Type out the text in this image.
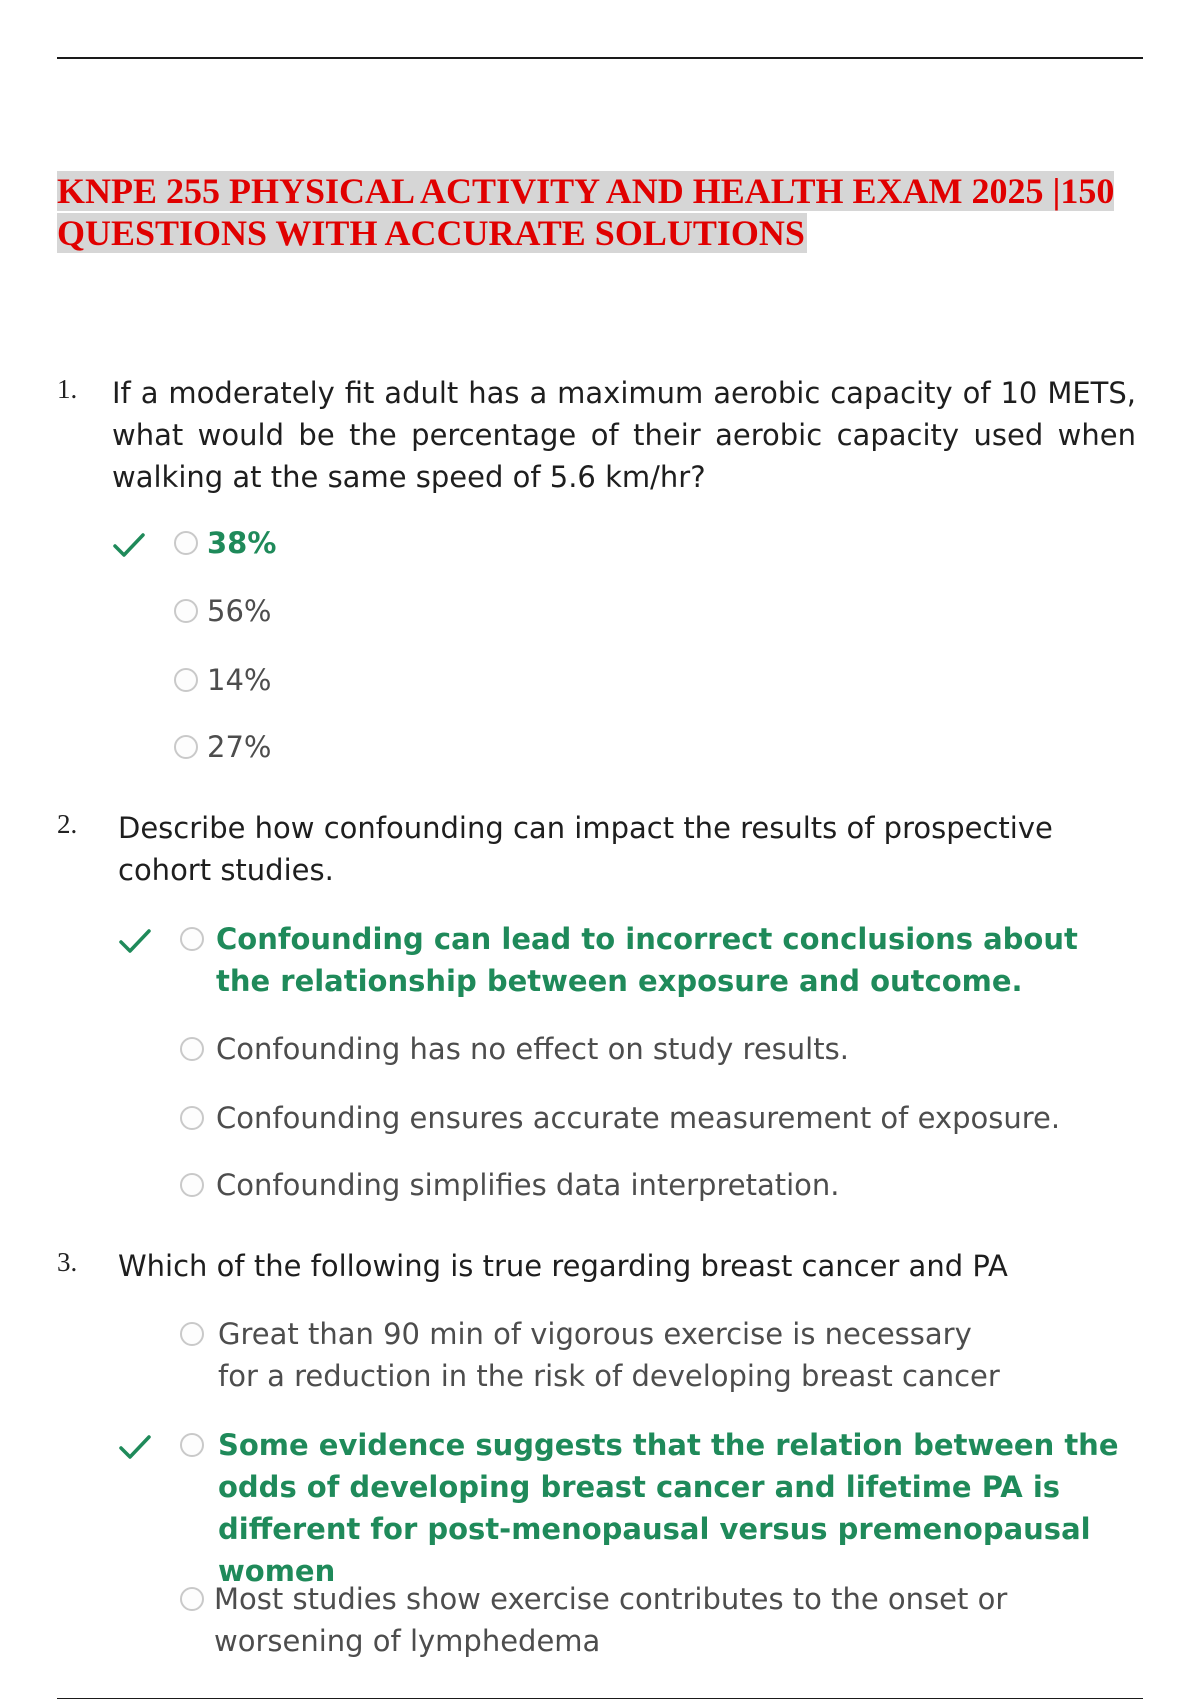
KNPE 255 PHYSICAL ACTIVITY AND HEALTH EXAM 2025 |150 QUESTIONS WITH ACCURATE SOLUTIONS
1. If a moderately fit adult has a maximum aerobic capacity of 10 METS, what would be the percentage of their aerobic capacity used when walking at the same speed of 5.6 km/hr?
38%
56%
14%
27%
2. Describe how confounding can impact the results of prospective cohort studies.
Confounding can lead to incorrect conclusions about the relationship between exposure and outcome.
Confounding has no effect on study results.
Confounding ensures accurate measurement of exposure.
Confounding simplifies data interpretation.
3. Which of the following is true regarding breast cancer and PA
Great than 90 min of vigorous exercise is necessary for a reduction in the risk of developing breast cancer
Some evidence suggests that the relation between the odds of developing breast cancer and lifetime PA is different for post-menopausal versus premenopausal women
Most studies show exercise contributes to the onset or worsening of lymphedema
